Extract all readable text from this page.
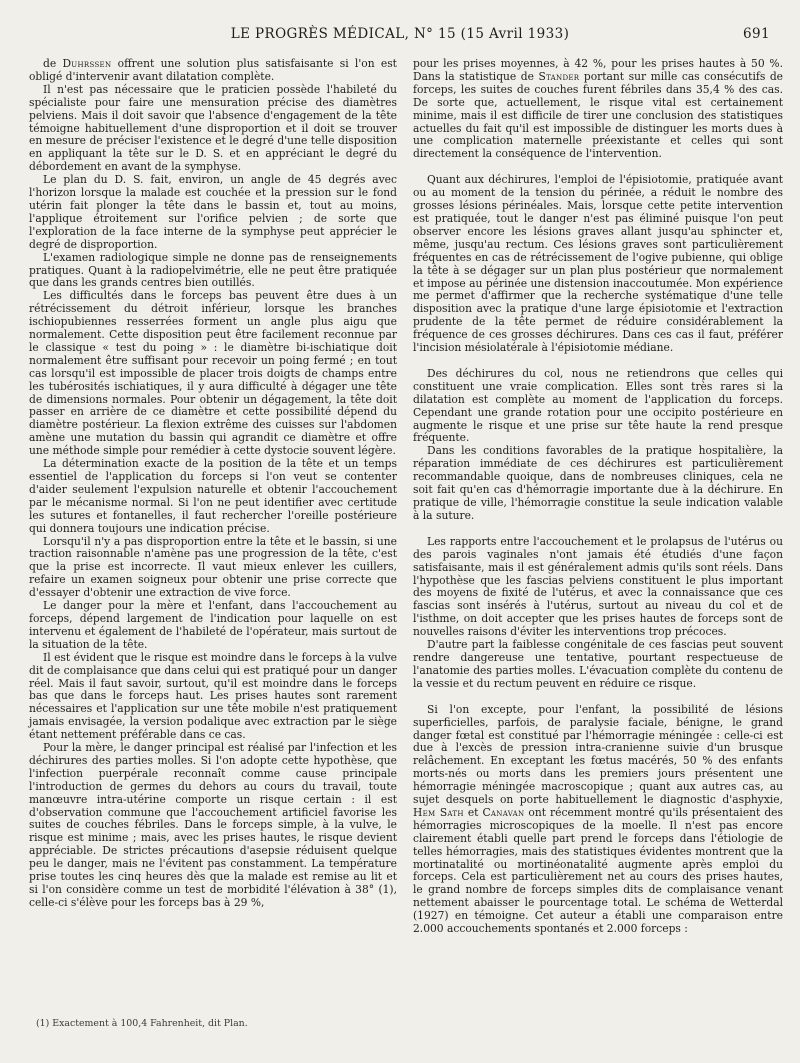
LE PROGRÈS MÉDICAL, N° 15 (15 Avril 1933)	691

de Duhrssen offrent une solution plus satisfaisante si l'on est obligé d'intervenir avant dilatation complète.

Il n'est pas nécessaire que le praticien possède l'habileté du spécialiste pour faire une mensuration précise des diamètres pelviens. Mais il doit savoir que l'absence d'engagement de la tête témoigne habituellement d'une disproportion et il doit se trouver en mesure de préciser l'existence et le degré d'une telle disposition en appliquant la tête sur le D. S. et en appréciant le degré du débordement en avant de la symphyse.

Le plan du D. S. fait, environ, un angle de 45 degrés avec l'horizon lorsque la malade est couchée et la pression sur le fond utérin fait plonger la tête dans le bassin et, tout au moins, l'applique étroitement sur l'orifice pelvien ; de sorte que l'exploration de la face interne de la symphyse peut apprécier le degré de disproportion.

L'examen radiologique simple ne donne pas de renseignements pratiques. Quant à la radiopelvimétrie, elle ne peut être pratiquée que dans les grands centres bien outillés.

Les difficultés dans le forceps bas peuvent être dues à un rétrécissement du détroit inférieur, lorsque les branches ischiopubiennes resserrées forment un angle plus aigu que normalement. Cette disposition peut être facilement reconnue par le classique « test du poing » : le diamètre bi-ischiatique doit normalement être suffisant pour recevoir un poing fermé ; en tout cas lorsqu'il est impossible de placer trois doigts de champs entre les tubérosités ischiatiques, il y aura difficulté à dégager une tête de dimensions normales. Pour obtenir un dégagement, la tête doit passer en arrière de ce diamètre et cette possibilité dépend du diamètre postérieur. La flexion extrême des cuisses sur l'abdomen amène une mutation du bassin qui agrandit ce diamètre et offre une méthode simple pour remédier à cette dystocie souvent légère.

La détermination exacte de la position de la tête et un temps essentiel de l'application du forceps si l'on veut se contenter d'aider seulement l'expulsion naturelle et obtenir l'accouchement par le mécanisme normal. Si l'on ne peut identifier avec certitude les sutures et fontanelles, il faut rechercher l'oreille postérieure qui donnera toujours une indication précise.

Lorsqu'il n'y a pas disproportion entre la tête et le bassin, si une traction raisonnable n'amène pas une progression de la tête, c'est que la prise est incorrecte. Il vaut mieux enlever les cuillers, refaire un examen soigneux pour obtenir une prise correcte que d'essayer d'obtenir une extraction de vive force.

Le danger pour la mère et l'enfant, dans l'accouchement au forceps, dépend largement de l'indication pour laquelle on est intervenu et également de l'habileté de l'opérateur, mais surtout de la situation de la tête.

Il est évident que le risque est moindre dans le forceps à la vulve dit de complaisance que dans celui qui est pratiqué pour un danger réel. Mais il faut savoir, surtout, qu'il est moindre dans le forceps bas que dans le forceps haut. Les prises hautes sont rarement nécessaires et l'application sur une tête mobile n'est pratiquement jamais envisagée, la version podalique avec extraction par le siège étant nettement préférable dans ce cas.

Pour la mère, le danger principal est réalisé par l'infection et les déchirures des parties molles. Si l'on adopte cette hypothèse, que l'infection puerpérale reconnaît comme cause principale l'introduction de germes du dehors au cours du travail, toute manœuvre intra-utérine comporte un risque certain : il est d'observation commune que l'accouchement artificiel favorise les suites de couches fébriles. Dans le forceps simple, à la vulve, le risque est minime ; mais, avec les prises hautes, le risque devient appréciable. De strictes précautions d'asepsie réduisent quelque peu le danger, mais ne l'évitent pas constamment. La température prise toutes les cinq heures dès que la malade est remise au lit et si l'on considère comme un test de morbidité l'élévation à 38° (1), celle-ci s'élève pour les forceps bas à 29 %,

pour les prises moyennes, à 42 %, pour les prises hautes à 50 %. Dans la statistique de Stander portant sur mille cas consécutifs de forceps, les suites de couches furent fébriles dans 35,4 % des cas. De sorte que, actuellement, le risque vital est certainement minime, mais il est difficile de tirer une conclusion des statistiques actuelles du fait qu'il est impossible de distinguer les morts dues à une complication maternelle préexistante et celles qui sont directement la conséquence de l'intervention.

Quant aux déchirures, l'emploi de l'épisiotomie, pratiquée avant ou au moment de la tension du périnée, a réduit le nombre des grosses lésions périnéales. Mais, lorsque cette petite intervention est pratiquée, tout le danger n'est pas éliminé puisque l'on peut observer encore les lésions graves allant jusqu'au sphincter et, même, jusqu'au rectum. Ces lésions graves sont particulièrement fréquentes en cas de rétrécissement de l'ogive pubienne, qui oblige la tête à se dégager sur un plan plus postérieur que normalement et impose au périnée une distension inaccoutumée. Mon expérience me permet d'affirmer que la recherche systématique d'une telle disposition avec la pratique d'une large épisiotomie et l'extraction prudente de la tête permet de réduire considérablement la fréquence de ces grosses déchirures. Dans ces cas il faut, préférer l'incision mésiolatérale à l'épisiotomie médiane.

Des déchirures du col, nous ne retiendrons que celles qui constituent une vraie complication. Elles sont très rares si la dilatation est complète au moment de l'application du forceps. Cependant une grande rotation pour une occipito postérieure en augmente le risque et une prise sur tête haute la rend presque fréquente.

Dans les conditions favorables de la pratique hospitalière, la réparation immédiate de ces déchirures est particulièrement recommandable quoique, dans de nombreuses cliniques, cela ne soit fait qu'en cas d'hémorragie importante due à la déchirure. En pratique de ville, l'hémorragie constitue la seule indication valable à la suture.

Les rapports entre l'accouchement et le prolapsus de l'utérus ou des parois vaginales n'ont jamais été étudiés d'une façon satisfaisante, mais il est généralement admis qu'ils sont réels. Dans l'hypothèse que les fascias pelviens constituent le plus important des moyens de fixité de l'utérus, et avec la connaissance que ces fascias sont insérés à l'utérus, surtout au niveau du col et de l'isthme, on doit accepter que les prises hautes de forceps sont de nouvelles raisons d'éviter les interventions trop précoces.

D'autre part la faiblesse congénitale de ces fascias peut souvent rendre dangereuse une tentative, pourtant respectueuse de l'anatomie des parties molles. L'évacuation complète du contenu de la vessie et du rectum peuvent en réduire ce risque.

Si l'on excepte, pour l'enfant, la possibilité de lésions superficielles, parfois, de paralysie faciale, bénigne, le grand danger fœtal est constitué par l'hémorragie méningée : celle-ci est due à l'excès de pression intra-cranienne suivie d'un brusque relâchement. En exceptant les fœtus macérés, 50 % des enfants morts-nés ou morts dans les premiers jours présentent une hémorragie méningée macroscopique ; quant aux autres cas, au sujet desquels on porte habituellement le diagnostic d'asphyxie, Hem Sath et Canavan ont récemment montré qu'ils présentaient des hémorragies microscopiques de la moelle. Il n'est pas encore clairement établi quelle part prend le forceps dans l'étiologie de telles hémorragies, mais des statistiques évidentes montrent que la mortinatalité ou mortinéonatalité augmente après emploi du forceps. Cela est particulièrement net au cours des prises hautes, le grand nombre de forceps simples dits de complaisance venant nettement abaisser le pourcentage total. Le schéma de Wetterdal (1927) en témoigne. Cet auteur a établi une comparaison entre 2.000 accouchements spontanés et 2.000 forceps :

(1) Exactement à 100,4 Fahrenheit, dit Plan.
